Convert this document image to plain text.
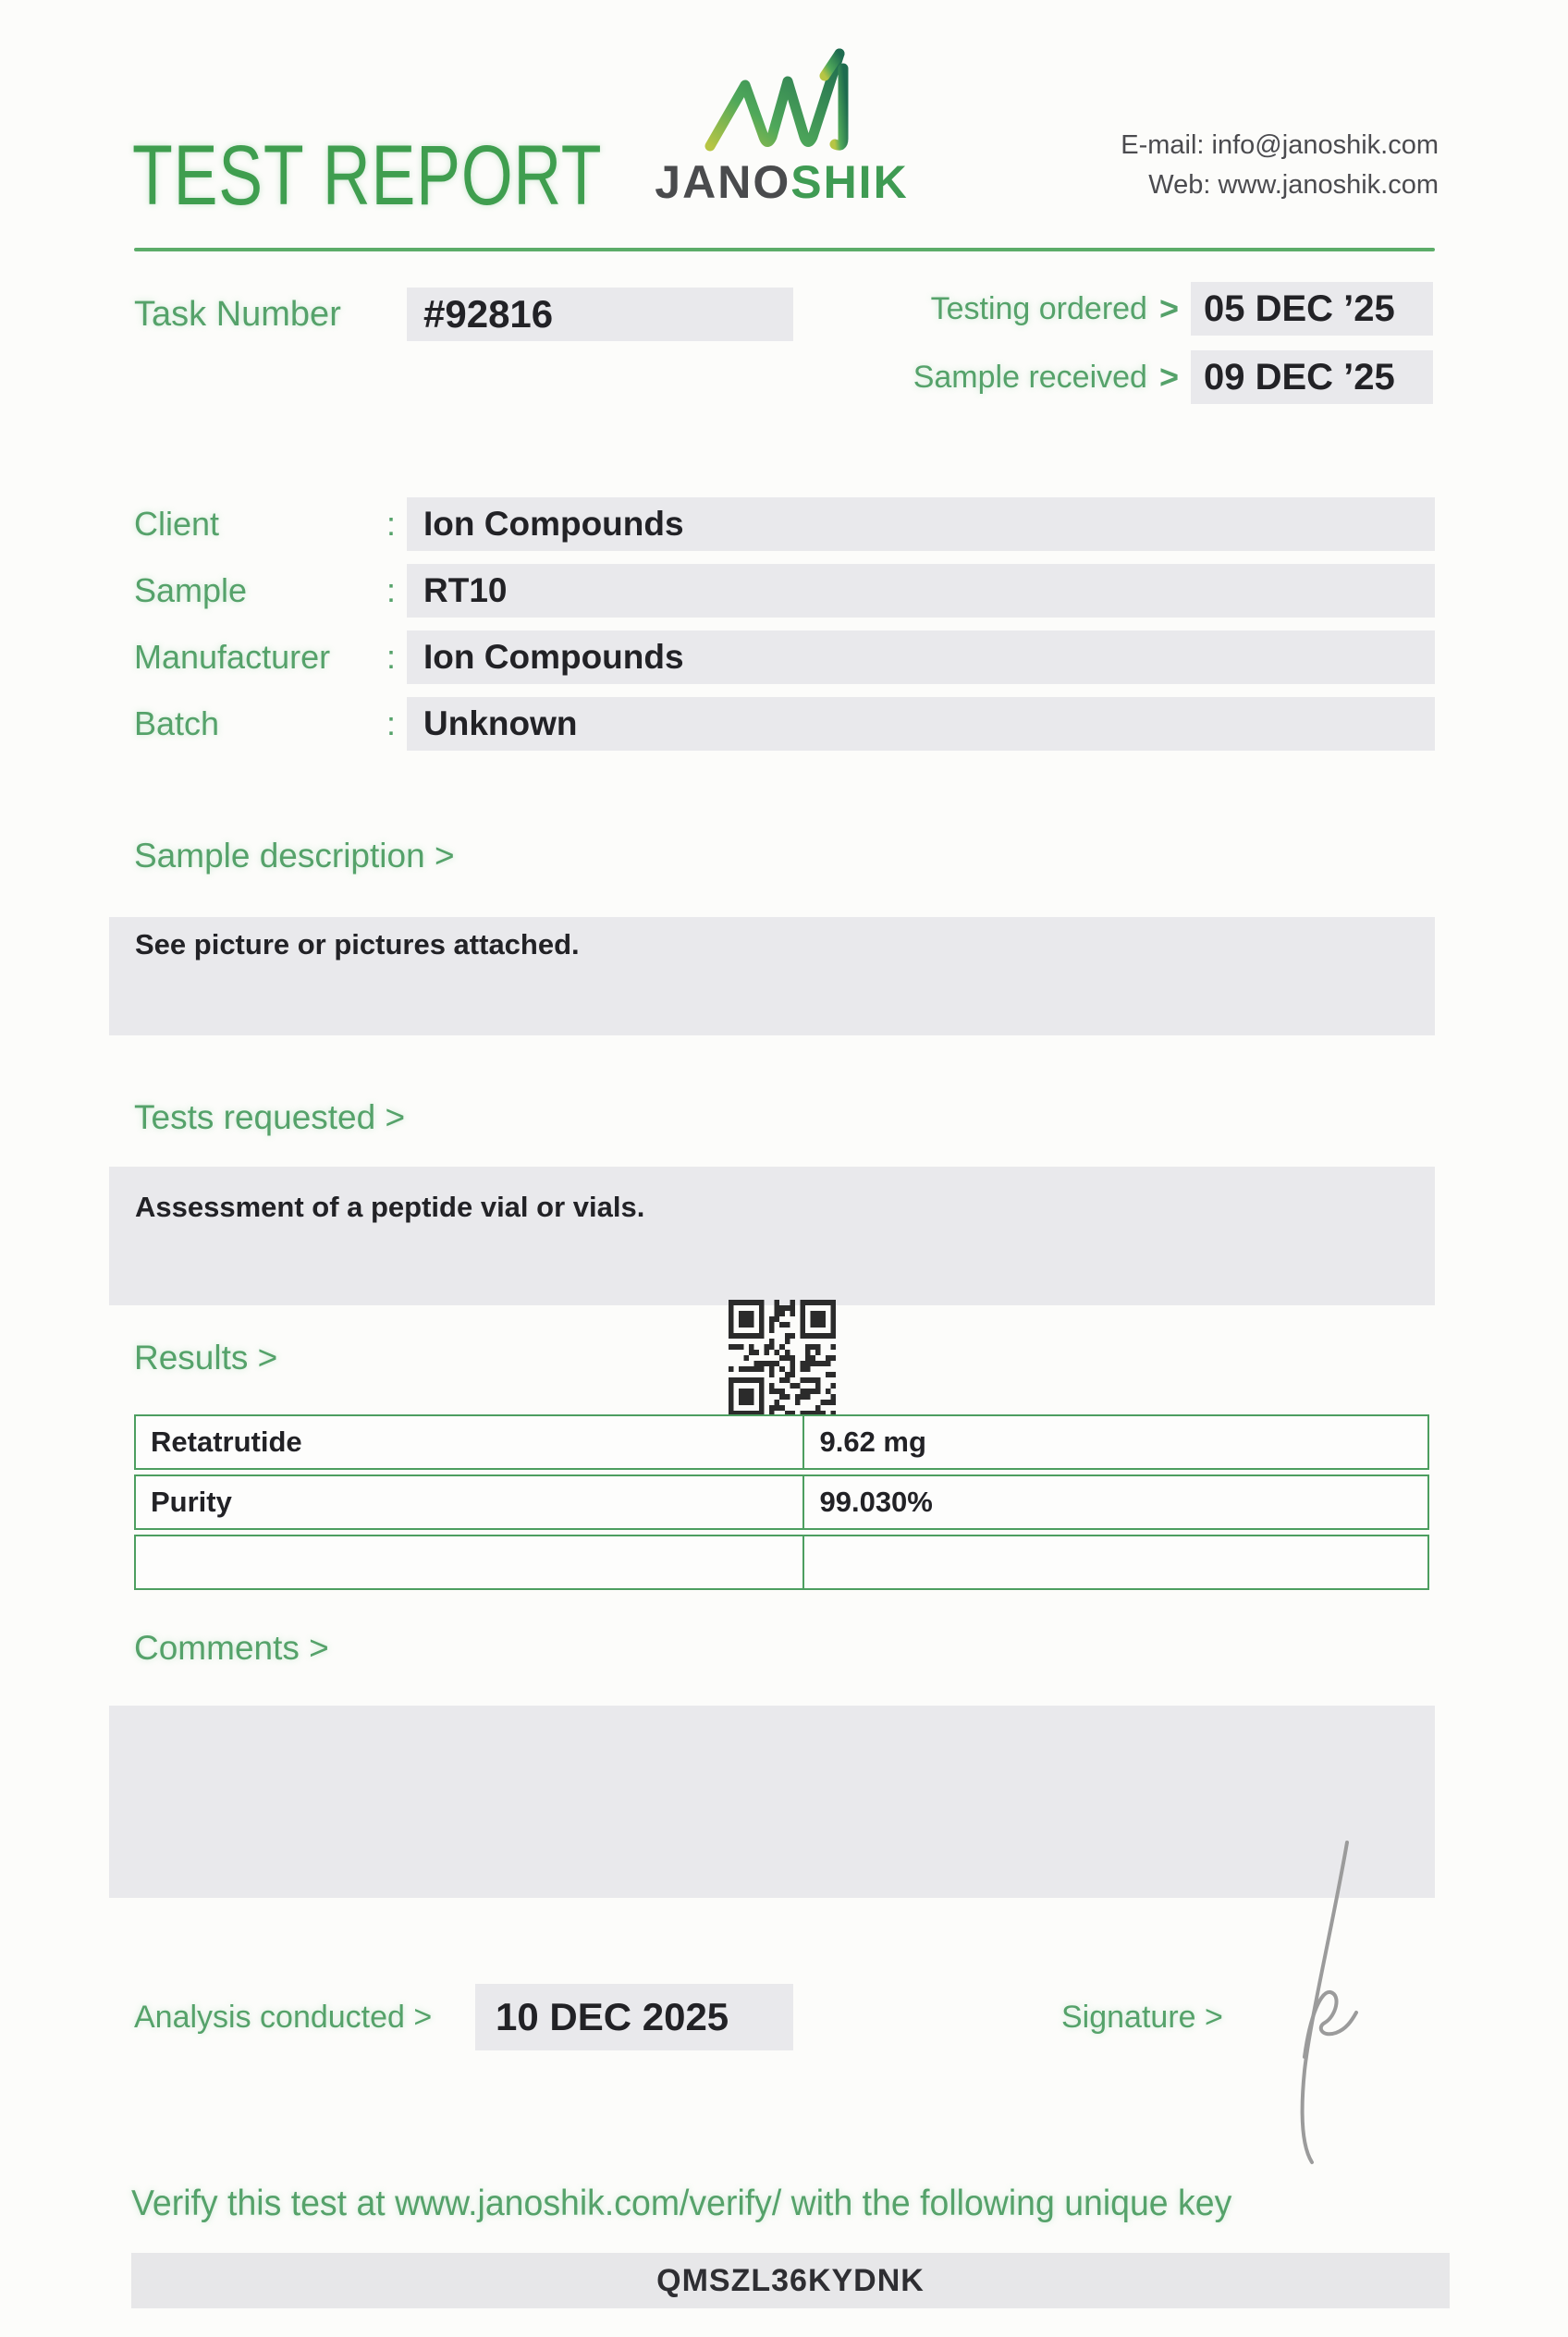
TEST REPORT	JANOSHIK
E-mail: info@janoshik.com
Web: www.janoshik.com
Task Number	#92816	Testing ordered > 05 DEC ’25
Sample received > 09 DEC ’25
Client	: Ion Compounds
Sample	: RT10
Manufacturer : Ion Compounds
Batch	: Unknown
Sample description >

See picture or pictures attached.

Tests requested >

Assessment of a peptide vial or vials.

Results >
Retatrutide	9.62 mg
Purity	99.030%
Comments >

Analysis conducted >	10 DEC 2025	Signature >
Verify this test at www.janoshik.com/verify/ with the following unique key
QMSZL36KYDNK
